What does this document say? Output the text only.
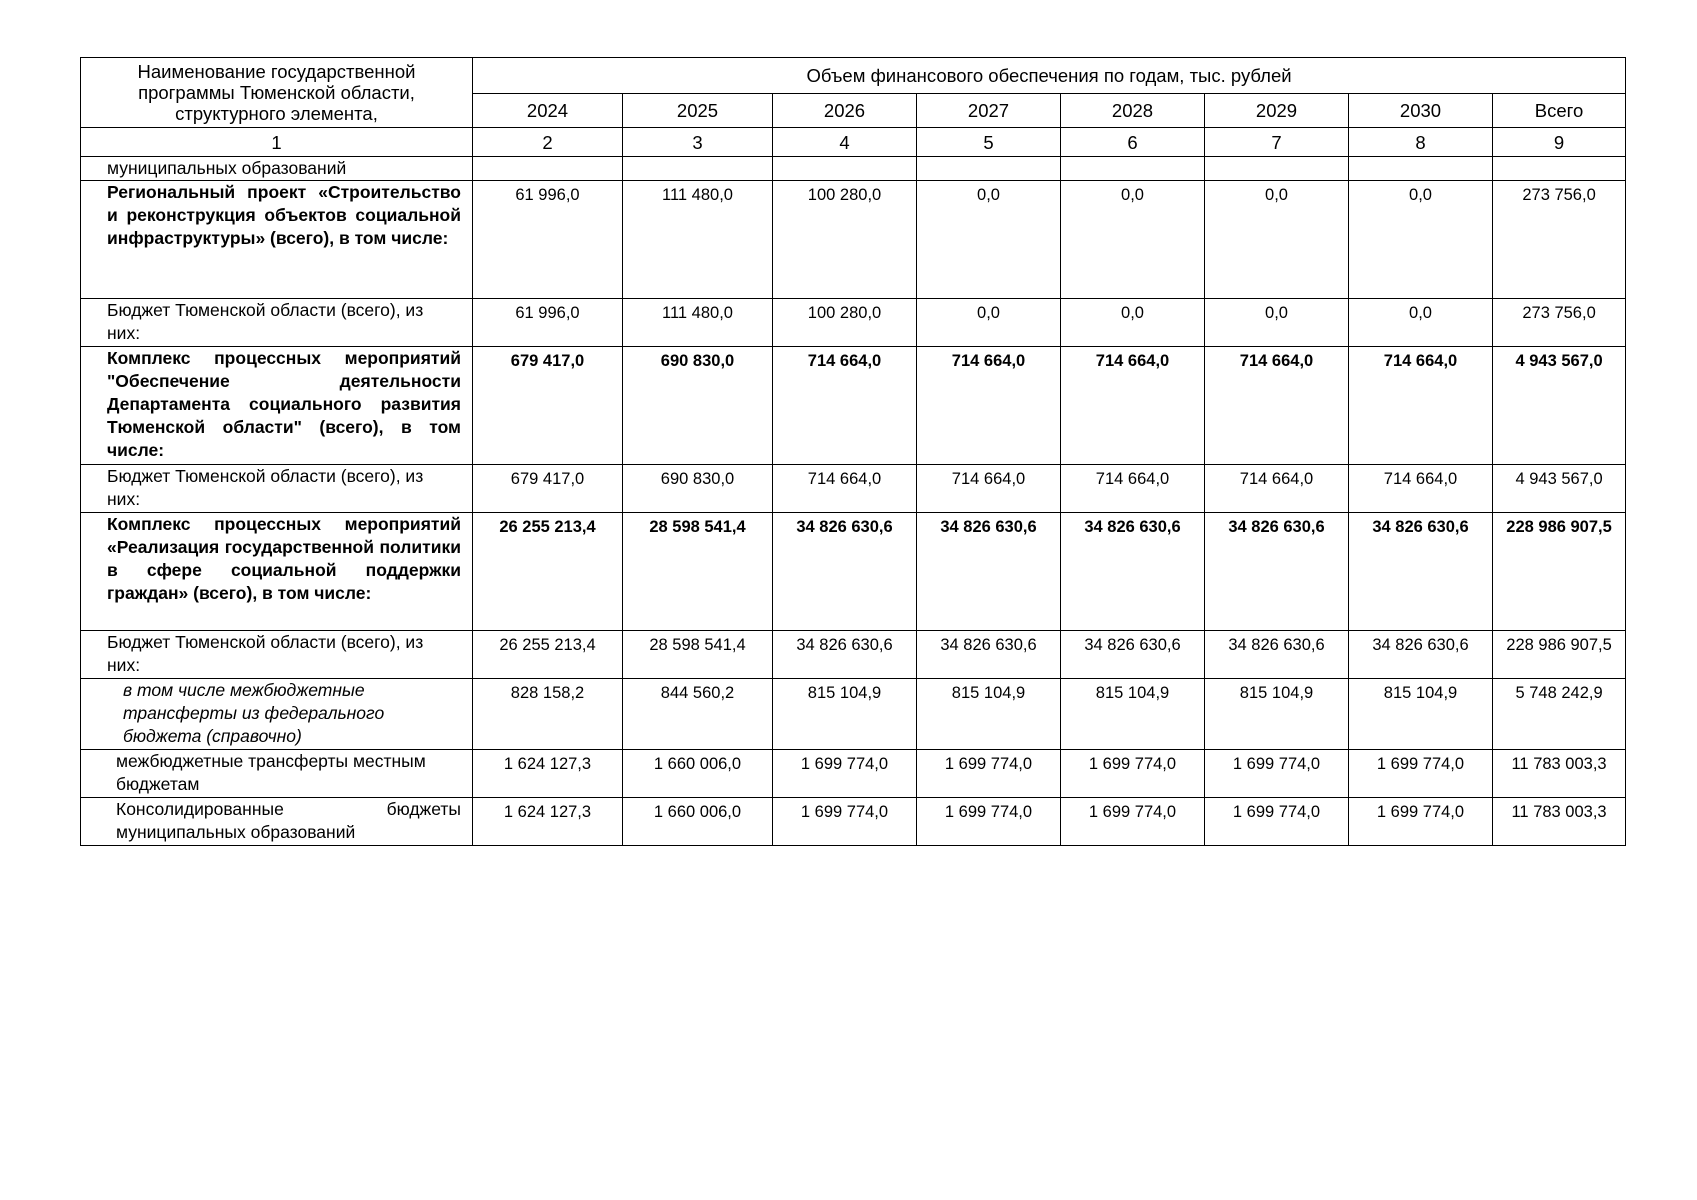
Наименование государственной программы Тюменской области, структурного элемента,	Объем финансового обеспечения по годам, тыс. рублей							
	2024	2025	2026	2027	2028	2029	2030	Всего
1	2	3	4	5	6	7	8	9
муниципальных образований								
Региональный проект «Строительство и реконструкция объектов социальной инфраструктуры» (всего), в том числе:	61 996,0	111 480,0	100 280,0	0,0	0,0	0,0	0,0	273 756,0
Бюджет Тюменской области (всего), из них:	61 996,0	111 480,0	100 280,0	0,0	0,0	0,0	0,0	273 756,0
Комплекс процессных мероприятий "Обеспечение деятельности Департамента социального развития Тюменской области" (всего), в том числе:	679 417,0	690 830,0	714 664,0	714 664,0	714 664,0	714 664,0	714 664,0	4 943 567,0
Бюджет Тюменской области (всего), из них:	679 417,0	690 830,0	714 664,0	714 664,0	714 664,0	714 664,0	714 664,0	4 943 567,0
Комплекс процессных мероприятий «Реализация государственной политики в сфере социальной поддержки граждан» (всего), в том числе:	26 255 213,4	28 598 541,4	34 826 630,6	34 826 630,6	34 826 630,6	34 826 630,6	34 826 630,6	228 986 907,5
Бюджет Тюменской области (всего), из них:	26 255 213,4	28 598 541,4	34 826 630,6	34 826 630,6	34 826 630,6	34 826 630,6	34 826 630,6	228 986 907,5
в том числе межбюджетные трансферты из федерального бюджета (справочно)	828 158,2	844 560,2	815 104,9	815 104,9	815 104,9	815 104,9	815 104,9	5 748 242,9
межбюджетные трансферты местным бюджетам	1 624 127,3	1 660 006,0	1 699 774,0	1 699 774,0	1 699 774,0	1 699 774,0	1 699 774,0	11 783 003,3
Консолидированные бюджеты муниципальных образований	1 624 127,3	1 660 006,0	1 699 774,0	1 699 774,0	1 699 774,0	1 699 774,0	1 699 774,0	11 783 003,3
